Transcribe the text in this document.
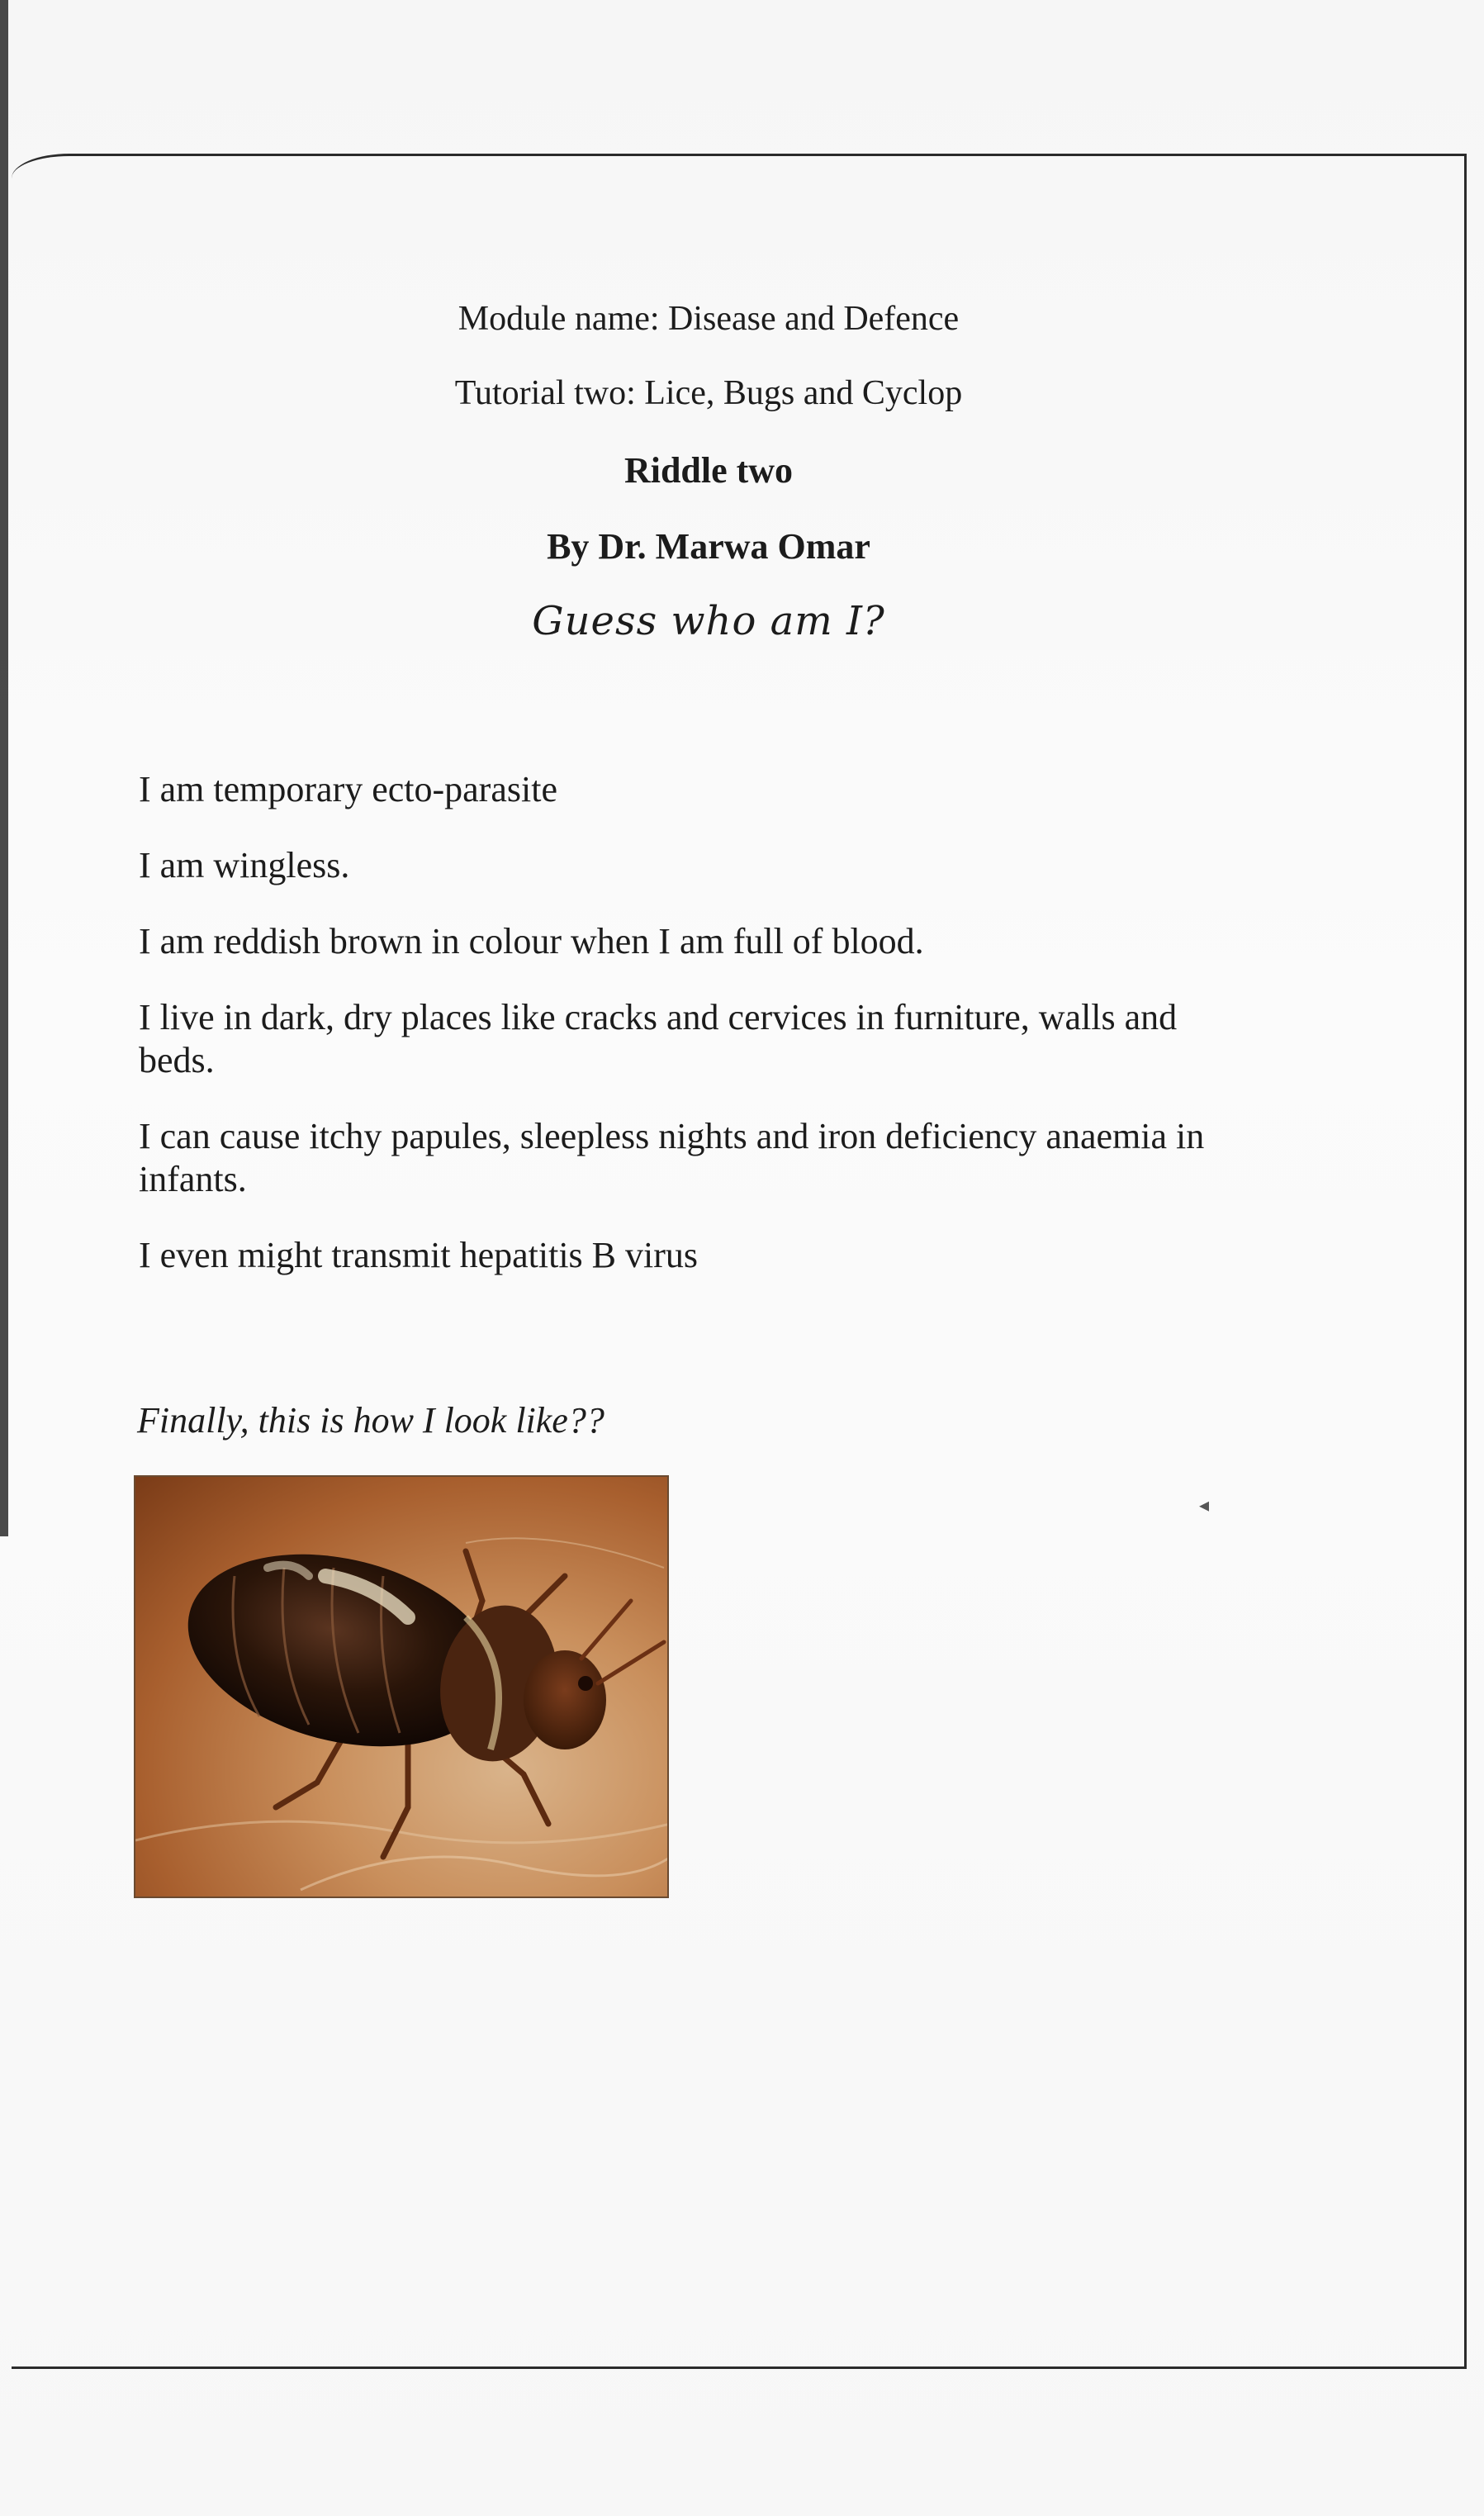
Module name: Disease and Defence
Tutorial two: Lice, Bugs and Cyclop
Riddle two
By Dr. Marwa Omar
Guess who am I?
I am temporary ecto-parasite
I am wingless.
I am reddish brown in colour when I am full of blood.
I live in dark, dry places like cracks and cervices in furniture, walls and beds.
I can cause itchy papules, sleepless nights and iron deficiency anaemia in infants.
I even might transmit hepatitis B virus
Finally, this is how I look like??
◂
